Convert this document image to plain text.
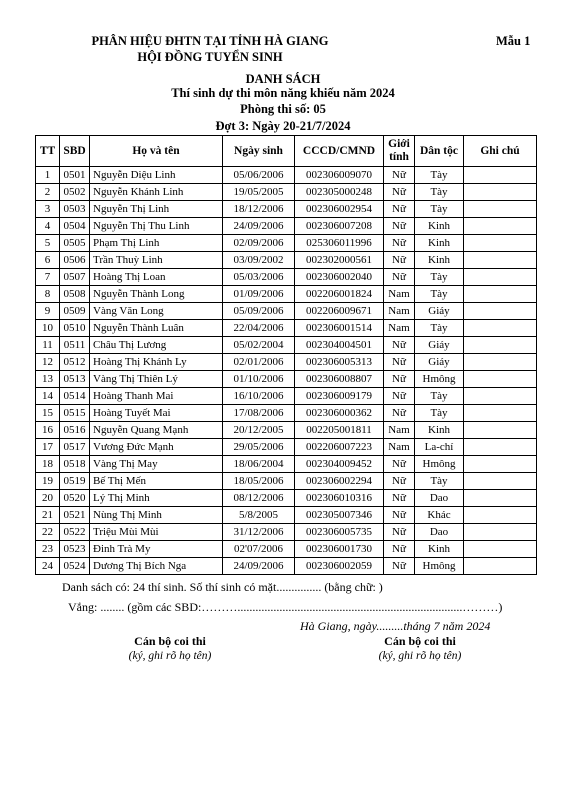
PHÂN HIỆU ĐHTN TẠI TỈNH HÀ GIANG
HỘI ĐỒNG TUYỂN SINH
Mẫu 1
DANH SÁCH
Thí sinh dự thi môn năng khiếu năm 2024
Phòng thi số: 05
Đợt 3: Ngày 20-21/7/2024
TT	SBD	Họ và tên	Ngày sinh	CCCD/CMND	Giới tính	Dân tộc	Ghi chú
1	0501	Nguyễn Diệu Linh	05/06/2006	002306009070	Nữ	Tày	
2	0502	Nguyễn Khánh Linh	19/05/2005	002305000248	Nữ	Tày	
3	0503	Nguyễn Thị Linh	18/12/2006	002306002954	Nữ	Tày	
4	0504	Nguyễn Thị Thu Linh	24/09/2006	002306007208	Nữ	Kinh	
5	0505	Phạm Thị Linh	02/09/2006	025306011996	Nữ	Kinh	
6	0506	Trần Thuỳ Linh	03/09/2002	002302000561	Nữ	Kinh	
7	0507	Hoàng Thị Loan	05/03/2006	002306002040	Nữ	Tày	
8	0508	Nguyễn Thành Long	01/09/2006	002206001824	Nam	Tày	
9	0509	Vàng Văn Long	05/09/2006	002206009671	Nam	Giáy	
10	0510	Nguyễn Thành Luân	22/04/2006	002306001514	Nam	Tày	
11	0511	Châu Thị Lương	05/02/2004	002304004501	Nữ	Giáy	
12	0512	Hoàng Thị Khánh Ly	02/01/2006	002306005313	Nữ	Giáy	
13	0513	Vàng Thị Thiên Lý	01/10/2006	002306008807	Nữ	Hmông	
14	0514	Hoàng Thanh Mai	16/10/2006	002306009179	Nữ	Tày	
15	0515	Hoàng Tuyết Mai	17/08/2006	002306000362	Nữ	Tày	
16	0516	Nguyễn Quang Mạnh	20/12/2005	002205001811	Nam	Kinh	
17	0517	Vương Đức Mạnh	29/05/2006	002206007223	Nam	La-chí	
18	0518	Vàng Thị May	18/06/2004	002304009452	Nữ	Hmông	
19	0519	Bế Thị Mến	18/05/2006	002306002294	Nữ	Tày	
20	0520	Lý Thị Minh	08/12/2006	002306010316	Nữ	Dao	
21	0521	Nùng Thị Minh	5/8/2005	002305007346	Nữ	Khác	
22	0522	Triệu Mùi Mùi	31/12/2006	002306005735	Nữ	Dao	
23	0523	Đinh Trà My	02'07/2006	002306001730	Nữ	Kinh	
24	0524	Dương Thị Bích Nga	24/09/2006	002306002059	Nữ	Hmông	
Danh sách có: 24 thí sinh. Số thí sinh có mặt............... (bằng chữ: )
Vắng: ........ (gồm các SBD:………...........................................................................………)
Hà Giang, ngày.........tháng 7 năm 2024
Cán bộ coi thi
(ký, ghi rõ họ tên)
Cán bộ coi thi
(ký, ghi rõ họ tên)
